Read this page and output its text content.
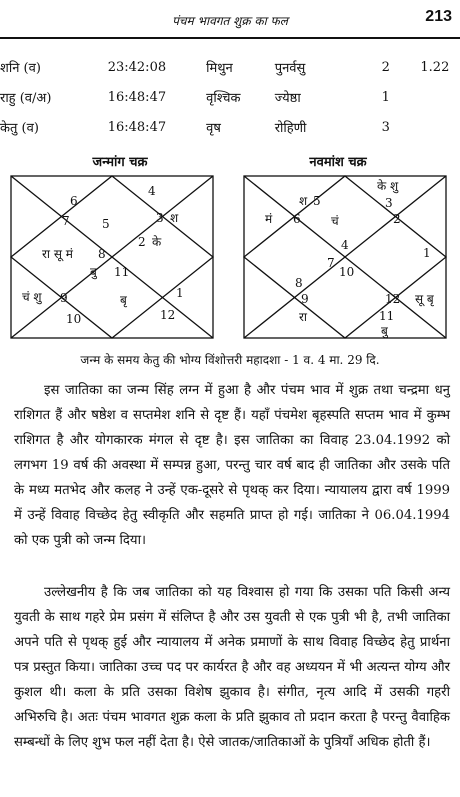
पंचम भावगत शुक्र का फल	213
शनि (व)	23:42:08	मिथुन	पुनर्वसु	2	1.22
राहु (व/अ)	16:48:47	वृश्चिक	ज्येष्ठा	1	
केतु (व)	16:48:47	वृष	रोहिणी	3	
जन्मांग चक्र
5
4
3 श
2 के
1
12
11
बृ
10
9
चं शु
8
रा सू मं
बु
7
6
नवमांश चक्र
4
चं
3
के शु
2
1
12 सू बृ
11
बु
10
9
रा
8
7
6
मं
5
श
जन्म के समय केतु की भोग्य विंशोत्तरी महादशा - 1 व. 4 मा. 29 दि.

इस जातिका का जन्म सिंह लग्न में हुआ है और पंचम भाव में शुक्र तथा चन्द्रमा धनु राशिगत हैं और षष्ठेश व सप्तमेश शनि से दृष्ट हैं। यहाँ पंचमेश बृहस्पति सप्तम भाव में कुम्भ राशिगत है और योगकारक मंगल से दृष्ट है। इस जातिका का विवाह 23.04.1992 को लगभग 19 वर्ष की अवस्था में सम्पन्न हुआ, परन्तु चार वर्ष बाद ही जातिका और उसके पति के मध्य मतभेद और कलह ने उन्हें एक-दूसरे से पृथक् कर दिया। न्यायालय द्वारा वर्ष 1999 में उन्हें विवाह विच्छेद हेतु स्वीकृति और सहमति प्राप्त हो गई। जातिका ने 06.04.1994 को एक पुत्री को जन्म दिया।

उल्लेखनीय है कि जब जातिका को यह विश्वास हो गया कि उसका पति किसी अन्य युवती के साथ गहरे प्रेम प्रसंग में संलिप्त है और उस युवती से एक पुत्री भी है, तभी जातिका अपने पति से पृथक् हुई और न्यायालय में अनेक प्रमाणों के साथ विवाह विच्छेद हेतु प्रार्थना पत्र प्रस्तुत किया। जातिका उच्च पद पर कार्यरत है और वह अध्ययन में भी अत्यन्त योग्य और कुशल थी। कला के प्रति उसका विशेष झुकाव है। संगीत, नृत्य आदि में उसकी गहरी अभिरुचि है। अतः पंचम भावगत शुक्र कला के प्रति झुकाव तो प्रदान करता है परन्तु वैवाहिक सम्बन्धों के लिए शुभ फल नहीं देता है। ऐसे जातक/जातिकाओं के पुत्रियाँ अधिक होती हैं।
